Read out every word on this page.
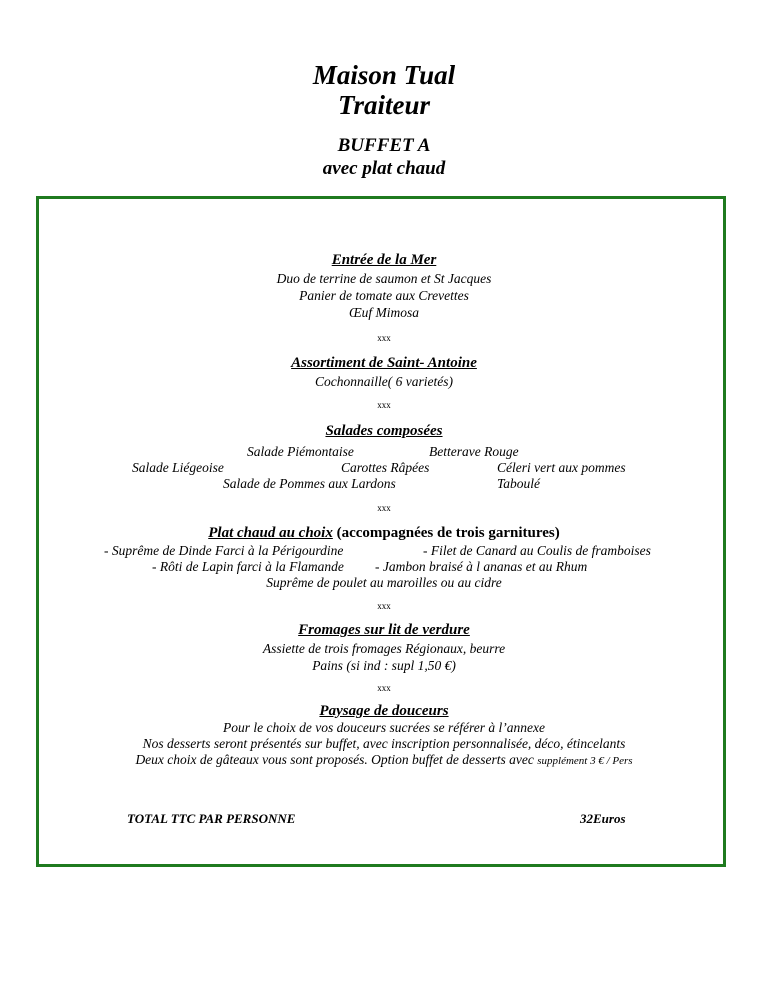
Maison Tual
Traiteur
BUFFET A
avec plat chaud
Entrée de la Mer
Duo de terrine de saumon et St Jacques
Panier de tomate aux Crevettes
Œuf Mimosa
xxx
Assortiment de Saint- Antoine
Cochonnaille( 6 varietés)
xxx
Salades composées
Salade Piémontaise	Betterave Rouge
Salade Liégeoise	Carottes Râpées	Céleri vert aux pommes
Salade de Pommes aux Lardons	Taboulé
xxx
Plat chaud au choix (accompagnées de trois garnitures)
- Suprême de Dinde Farci à la Périgourdine	- Filet de Canard au Coulis de framboises
- Rôti de Lapin farci à la Flamande - Jambon braisé à l ananas et au Rhum
Suprême de poulet au maroilles ou au cidre
xxx
Fromages sur lit de verdure
Assiette de trois fromages Régionaux, beurre
Pains (si ind : supl 1,50 €)
xxx
Paysage de douceurs
Pour le choix de vos douceurs sucrées se référer à l’annexe
Nos desserts seront présentés sur buffet, avec inscription personnalisée, déco, étincelants
Deux choix de gâteaux vous sont proposés. Option buffet de desserts avec supplément 3 € / Pers
TOTAL TTC PAR PERSONNE	32Euros
